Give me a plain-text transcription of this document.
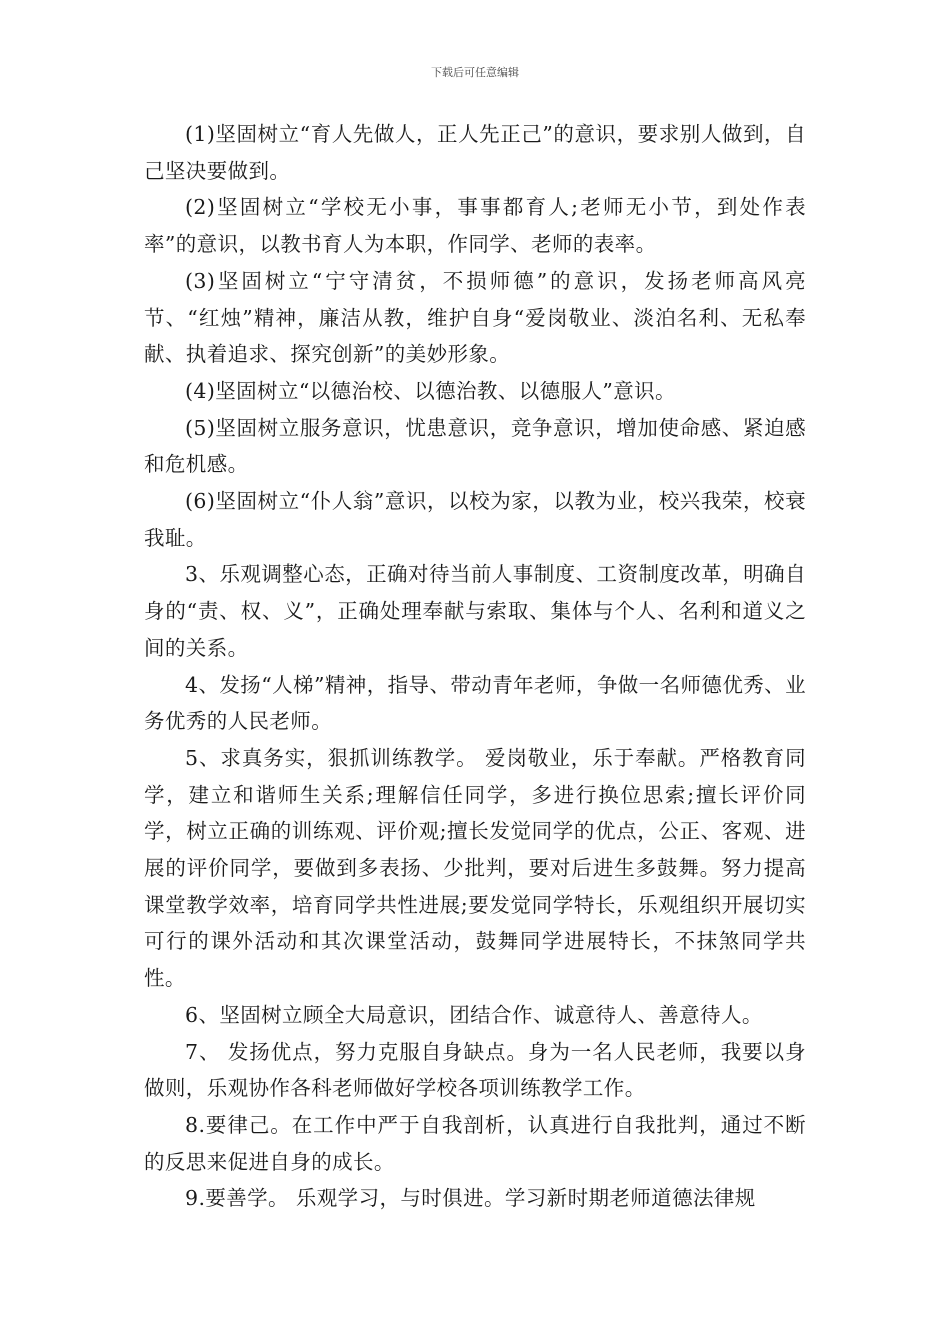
下载后可任意编辑

(1)坚固树立“育人先做人，正人先正己”的意识，要求别人做到，自己坚决要做到。

(2)坚固树立“学校无小事，事事都育人;老师无小节，到处作表率”的意识，以教书育人为本职，作同学、老师的表率。

(3)坚固树立“宁守清贫，不损师德”的意识，发扬老师高风亮节、“红烛”精神，廉洁从教，维护自身“爱岗敬业、淡泊名利、无私奉献、执着追求、探究创新”的美妙形象。

(4)坚固树立“以德治校、以德治教、以德服人”意识。

(5)坚固树立服务意识，忧患意识，竞争意识，增加使命感、紧迫感和危机感。

(6)坚固树立“仆人翁”意识，以校为家，以教为业，校兴我荣，校衰我耻。

3、乐观调整心态，正确对待当前人事制度、工资制度改革，明确自身的“责、权、义”，正确处理奉献与索取、集体与个人、名利和道义之间的关系。

4、发扬“人梯”精神，指导、带动青年老师，争做一名师德优秀、业务优秀的人民老师。

5、求真务实，狠抓训练教学。 爱岗敬业，乐于奉献。严格教育同学，建立和谐师生关系;理解信任同学，多进行换位思索;擅长评价同学，树立正确的训练观、评价观;擅长发觉同学的优点，公正、客观、进展的评价同学，要做到多表扬、少批判，要对后进生多鼓舞。努力提高课堂教学效率，培育同学共性进展;要发觉同学特长，乐观组织开展切实可行的课外活动和其次课堂活动，鼓舞同学进展特长，不抹煞同学共性。

6、坚固树立顾全大局意识，团结合作、诚意待人、善意待人。

7、 发扬优点，努力克服自身缺点。身为一名人民老师，我要以身做则，乐观协作各科老师做好学校各项训练教学工作。

8.要律己。在工作中严于自我剖析，认真进行自我批判，通过不断的反思来促进自身的成长。

9.要善学。 乐观学习，与时俱进。学习新时期老师道德法律规
